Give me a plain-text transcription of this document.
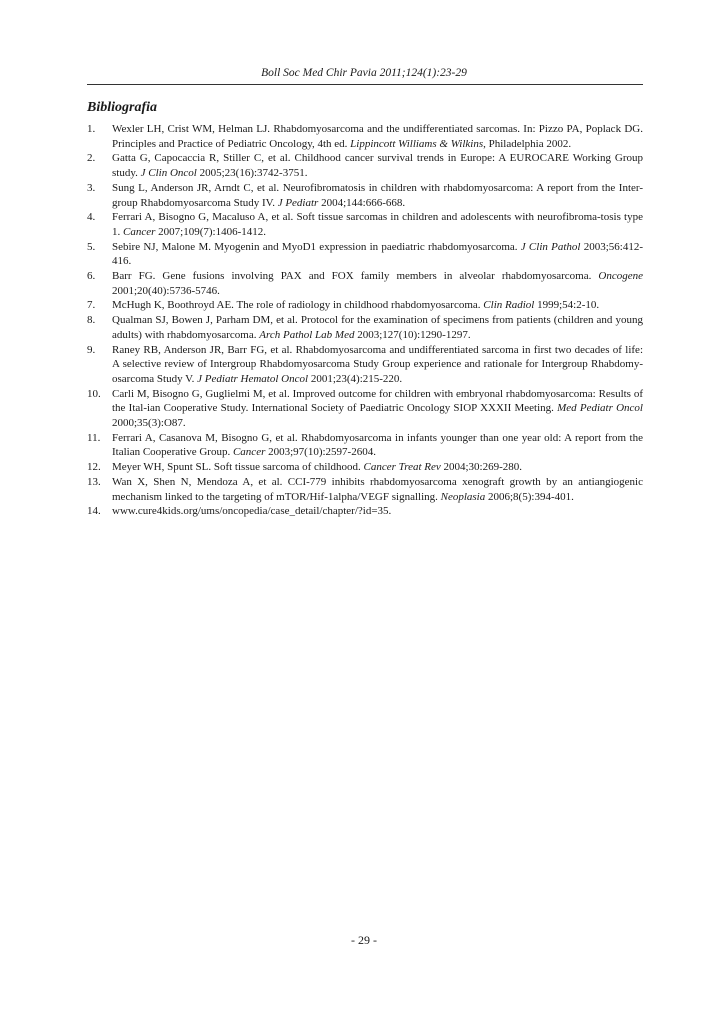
Boll Soc Med Chir Pavia 2011;124(1):23-29
Bibliografia
1.	Wexler LH, Crist WM, Helman LJ. Rhabdomyosarcoma and the undifferentiated sarcomas. In: Pizzo PA, Poplack DG. Principles and Practice of Pediatric Oncology, 4th ed. Lippincott Williams & Wilkins, Philadelphia 2002.
2.	Gatta G, Capocaccia R, Stiller C, et al. Childhood cancer survival trends in Europe: A EUROCARE Working Group study. J Clin Oncol 2005;23(16):3742-3751.
3.	Sung L, Anderson JR, Arndt C, et al. Neurofibromatosis in children with rhabdomyosarcoma: A report from the Inter-group Rhabdomyosarcoma Study IV. J Pediatr 2004;144:666-668.
4.	Ferrari A, Bisogno G, Macaluso A, et al. Soft tissue sarcomas in children and adolescents with neurofibroma-tosis type 1. Cancer 2007;109(7):1406-1412.
5.	Sebire NJ, Malone M. Myogenin and MyoD1 expression in paediatric rhabdomyosarcoma. J Clin Pathol 2003;56:412-416.
6.	Barr FG. Gene fusions involving PAX and FOX family members in alveolar rhabdomyosarcoma. Oncogene 2001;20(40):5736-5746.
7.	McHugh K, Boothroyd AE. The role of radiology in childhood rhabdomyosarcoma. Clin Radiol 1999;54:2-10.
8.	Qualman SJ, Bowen J, Parham DM, et al. Protocol for the examination of specimens from patients (children and young adults) with rhabdomyosarcoma. Arch Pathol Lab Med 2003;127(10):1290-1297.
9.	Raney RB, Anderson JR, Barr FG, et al. Rhabdomyosarcoma and undifferentiated sarcoma in first two decades of life: A selective review of Intergroup Rhabdomyosarcoma Study Group experience and rationale for Intergroup Rhabdomy-osarcoma Study V. J Pediatr Hematol Oncol 2001;23(4):215-220.
10.	Carli M, Bisogno G, Guglielmi M, et al. Improved outcome for children with embryonal rhabdomyosarcoma: Results of the Ital-ian Cooperative Study. International Society of Paediatric Oncology SIOP XXXII Meeting. Med Pediatr Oncol 2000;35(3):O87.
11.	Ferrari A, Casanova M, Bisogno G, et al. Rhabdomyosarcoma in infants younger than one year old: A report from the Italian Cooperative Group. Cancer 2003;97(10):2597-2604.
12.	Meyer WH, Spunt SL. Soft tissue sarcoma of childhood. Cancer Treat Rev 2004;30:269-280.
13.	Wan X, Shen N, Mendoza A, et al. CCI-779 inhibits rhabdomyosarcoma xenograft growth by an antiangiogenic mechanism linked to the targeting of mTOR/Hif-1alpha/VEGF signalling. Neoplasia 2006;8(5):394-401.
14.	www.cure4kids.org/ums/oncopedia/case_detail/chapter/?id=35.
- 29 -
